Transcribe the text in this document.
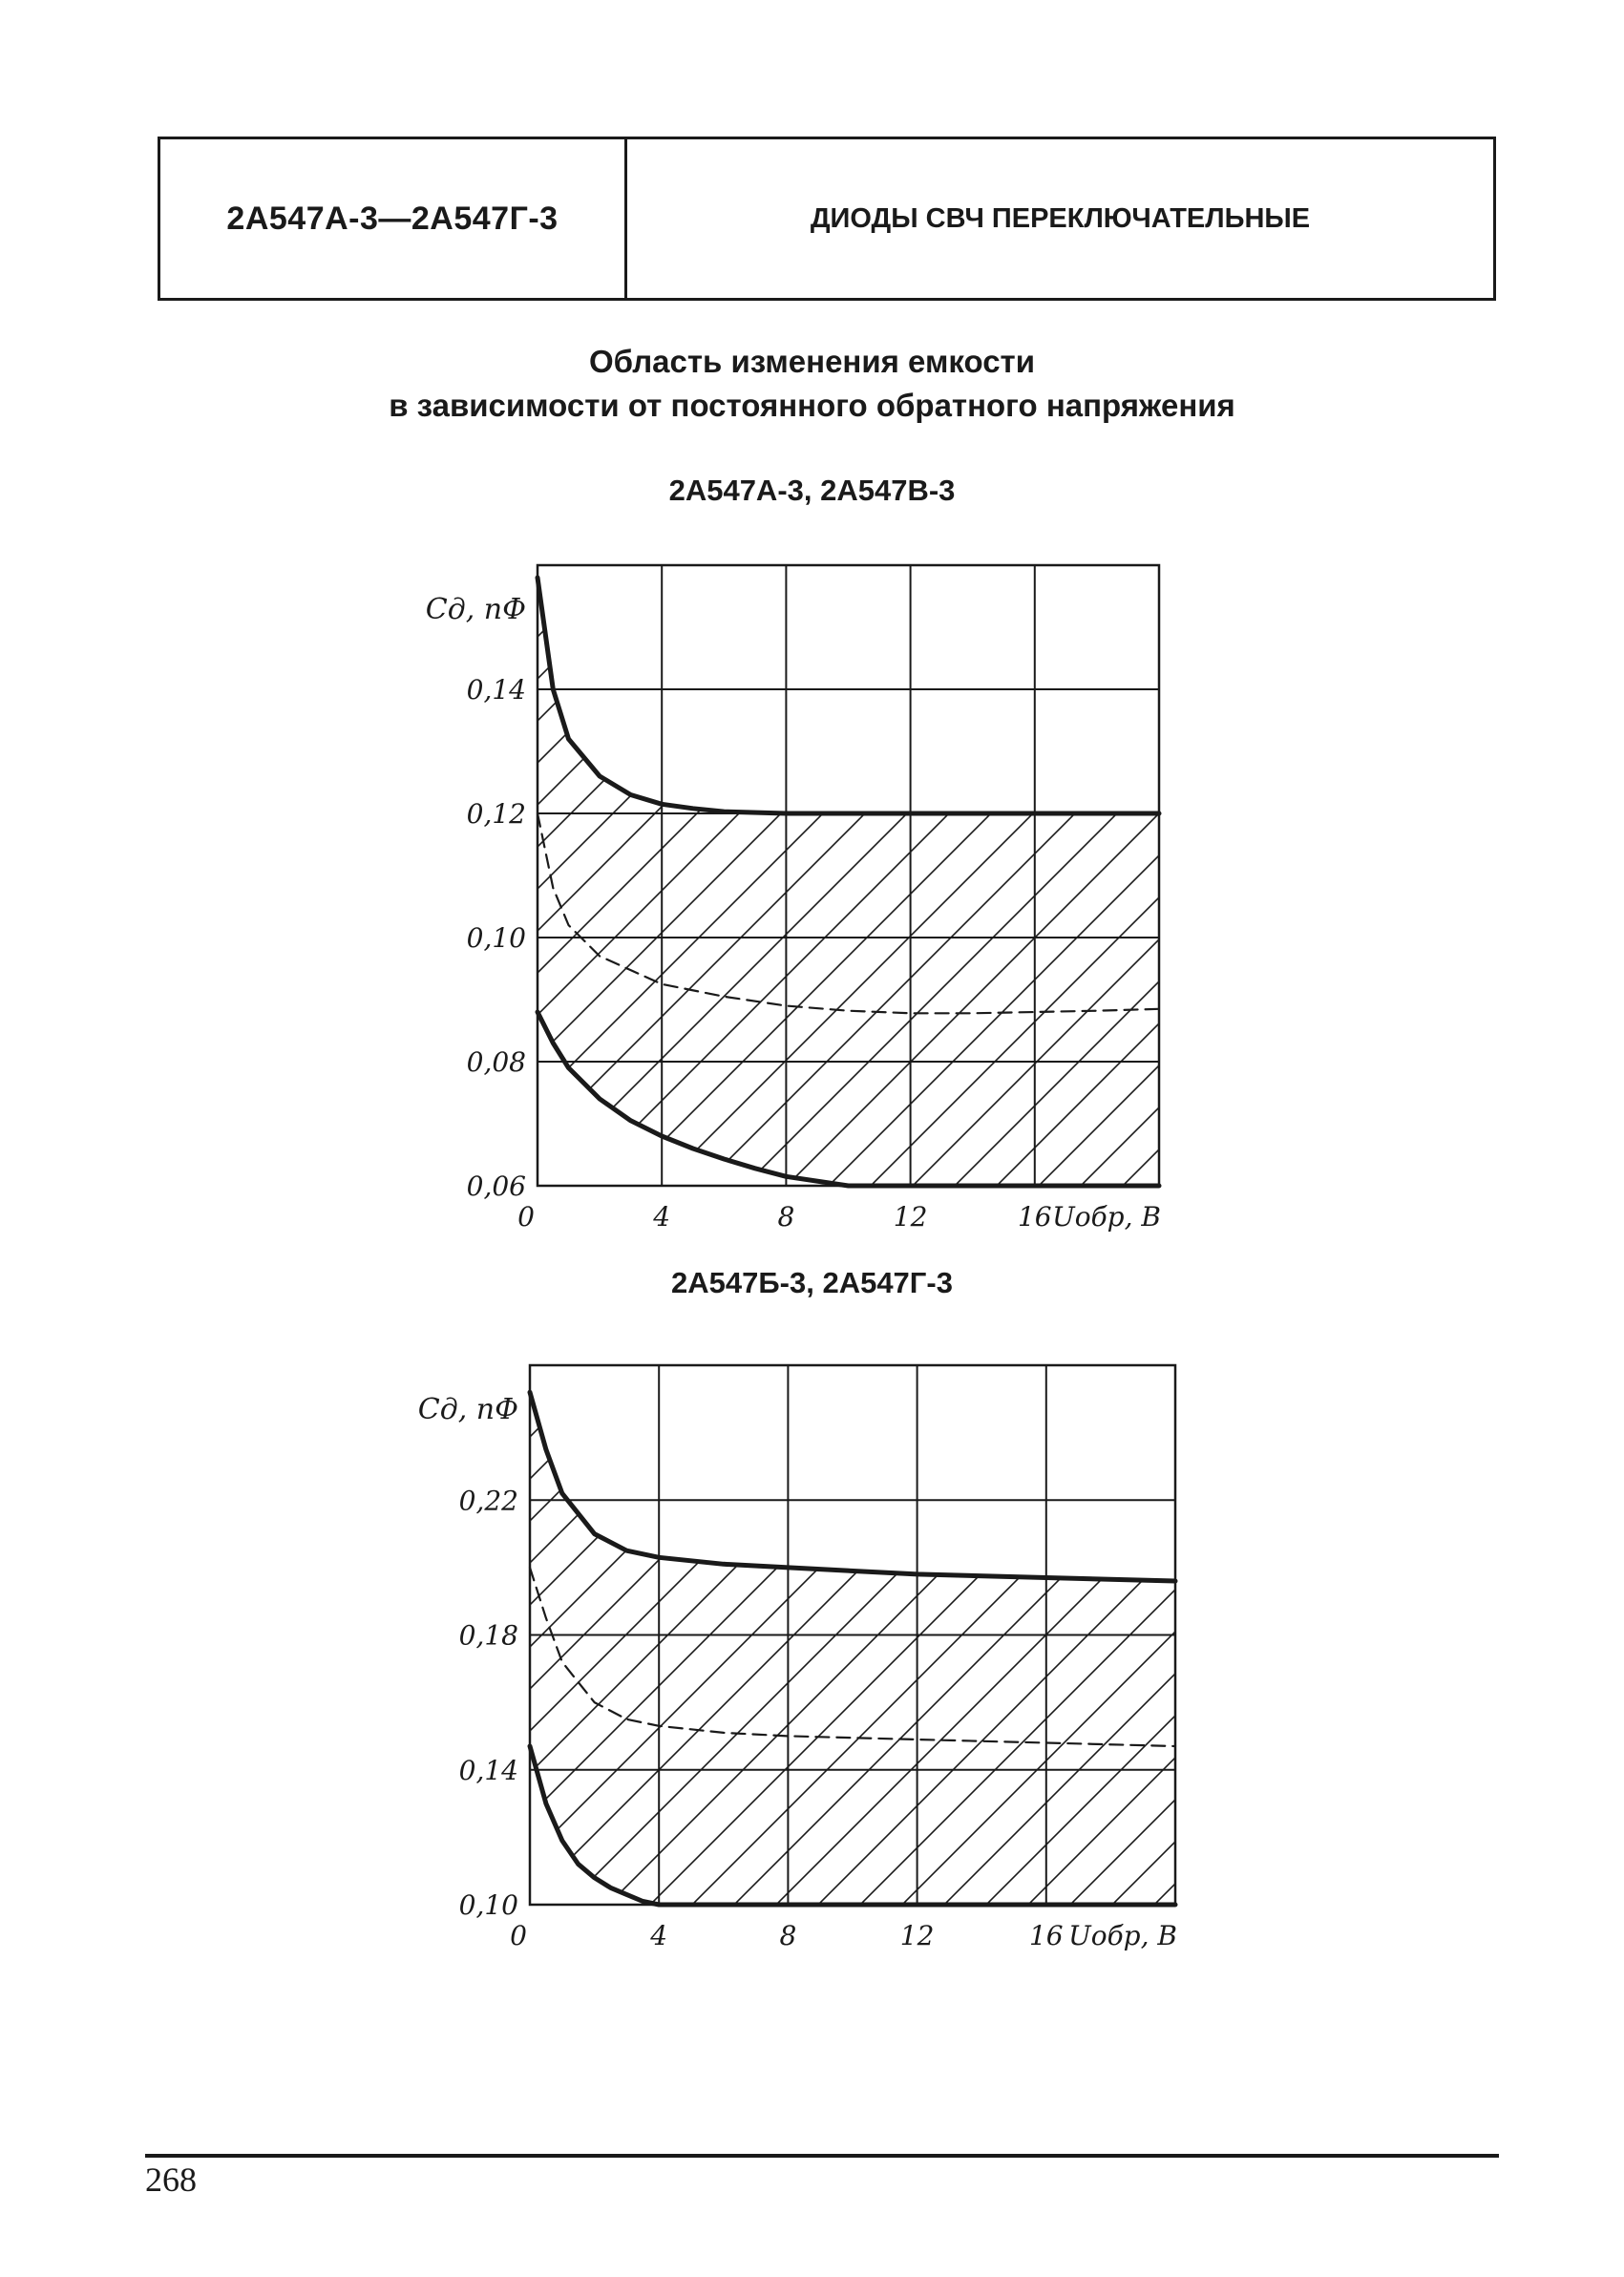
2А547А-3—2А547Г-3	ДИОДЫ СВЧ ПЕРЕКЛЮЧАТЕЛЬНЫЕ
Область изменения емкости
в зависимости от постоянного обратного напряжения
2А547А-3, 2А547В-3
0,06
0,08
0,10
0,12
0,14
0	4	8	12	16 Uобр, В
Cд, пФ
2А547Б-3, 2А547Г-3
0,10
0,14
0,18
0,22
0	4	8	12	16 Uобр, В
Cд, пФ
268
